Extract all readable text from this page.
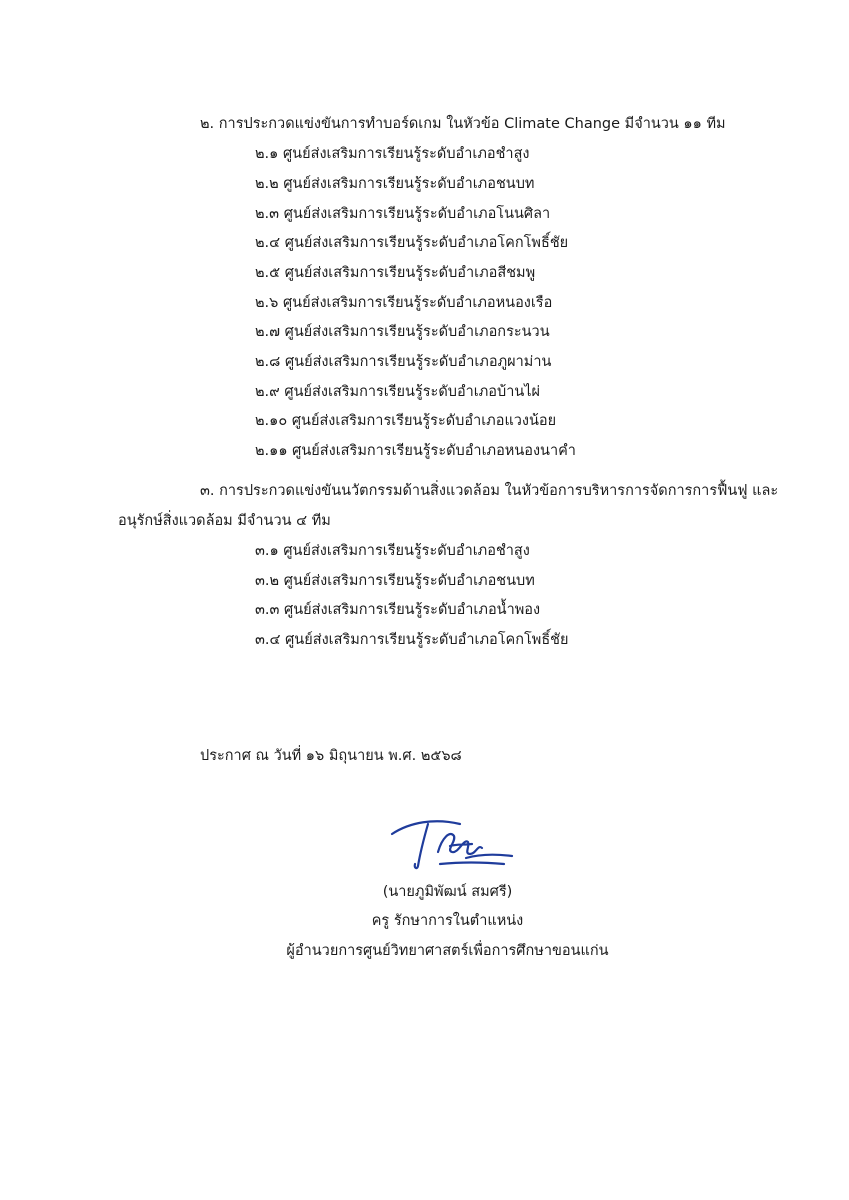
๒. การประกวดแข่งขันการทำบอร์ดเกม ในหัวข้อ Climate Change มีจำนวน ๑๑ ทีม
๒.๑ ศูนย์ส่งเสริมการเรียนรู้ระดับอำเภอชำสูง
๒.๒ ศูนย์ส่งเสริมการเรียนรู้ระดับอำเภอชนบท
๒.๓ ศูนย์ส่งเสริมการเรียนรู้ระดับอำเภอโนนศิลา
๒.๔ ศูนย์ส่งเสริมการเรียนรู้ระดับอำเภอโคกโพธิ์ชัย
๒.๕ ศูนย์ส่งเสริมการเรียนรู้ระดับอำเภอสีชมพู
๒.๖ ศูนย์ส่งเสริมการเรียนรู้ระดับอำเภอหนองเรือ
๒.๗ ศูนย์ส่งเสริมการเรียนรู้ระดับอำเภอกระนวน
๒.๘ ศูนย์ส่งเสริมการเรียนรู้ระดับอำเภอภูผาม่าน
๒.๙ ศูนย์ส่งเสริมการเรียนรู้ระดับอำเภอบ้านไผ่
๒.๑๐ ศูนย์ส่งเสริมการเรียนรู้ระดับอำเภอแวงน้อย
๒.๑๑ ศูนย์ส่งเสริมการเรียนรู้ระดับอำเภอหนองนาคำ
๓. การประกวดแข่งขันนวัตกรรมด้านสิ่งแวดล้อม ในหัวข้อการบริหารการจัดการการฟื้นฟู และ
อนุรักษ์สิ่งแวดล้อม มีจำนวน ๔ ทีม
๓.๑ ศูนย์ส่งเสริมการเรียนรู้ระดับอำเภอชำสูง
๓.๒ ศูนย์ส่งเสริมการเรียนรู้ระดับอำเภอชนบท
๓.๓ ศูนย์ส่งเสริมการเรียนรู้ระดับอำเภอน้ำพอง
๓.๔ ศูนย์ส่งเสริมการเรียนรู้ระดับอำเภอโคกโพธิ์ชัย
ประกาศ ณ วันที่ ๑๖ มิถุนายน พ.ศ. ๒๕๖๘
(นายภูมิพัฒน์ สมศรี)
ครู รักษาการในตำแหน่ง
ผู้อำนวยการศูนย์วิทยาศาสตร์เพื่อการศึกษาขอนแก่น
